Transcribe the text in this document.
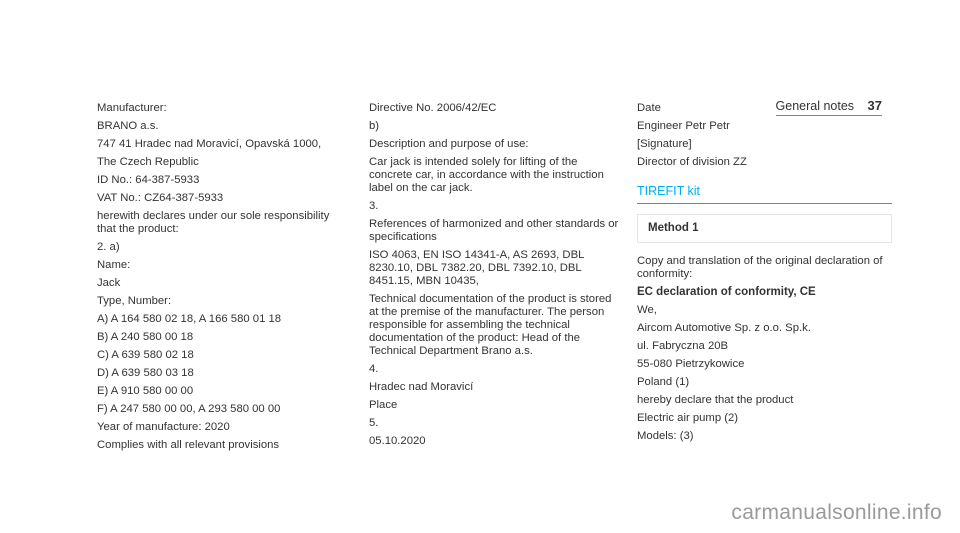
General notes 37

Manufacturer:

BRANO a.s.

747 41 Hradec nad Moravicí, Opavská 1000,

The Czech Republic

ID No.: 64-387-5933

VAT No.: CZ64-387-5933

herewith declares under our sole responsibility that the product:

2. a)

Name:

Jack

Type, Number:

A) A 164 580 02 18, A 166 580 01 18

B) A 240 580 00 18

C) A 639 580 02 18

D) A 639 580 03 18

E) A 910 580 00 00

F) A 247 580 00 00, A 293 580 00 00

Year of manufacture: 2020

Complies with all relevant provisions

Directive No. 2006/42/EC

b)

Description and purpose of use:

Car jack is intended solely for lifting of the concrete car, in accordance with the instruction label on the car jack.

3.

References of harmonized and other standards or specifications

ISO 4063, EN ISO 14341-A, AS 2693, DBL 8230.10, DBL 7382.20, DBL 7392.10, DBL 8451.15, MBN 10435,

Technical documentation of the product is stored at the premise of the manufacturer. The person responsible for assembling the technical documentation of the product: Head of the Technical Department Brano a.s.

4.

Hradec nad Moravicí

Place

5.

05.10.2020

Date

Engineer Petr Petr

[Signature]

Director of division ZZ

TIREFIT kit
Method 1

Copy and translation of the original declaration of conformity:

EC declaration of conformity, CE

We,

Aircom Automotive Sp. z o.o. Sp.k.

ul. Fabryczna 20B

55-080 Pietrzykowice

Poland (1)

hereby declare that the product

Electric air pump (2)

Models: (3)

carmanualsonline.info
